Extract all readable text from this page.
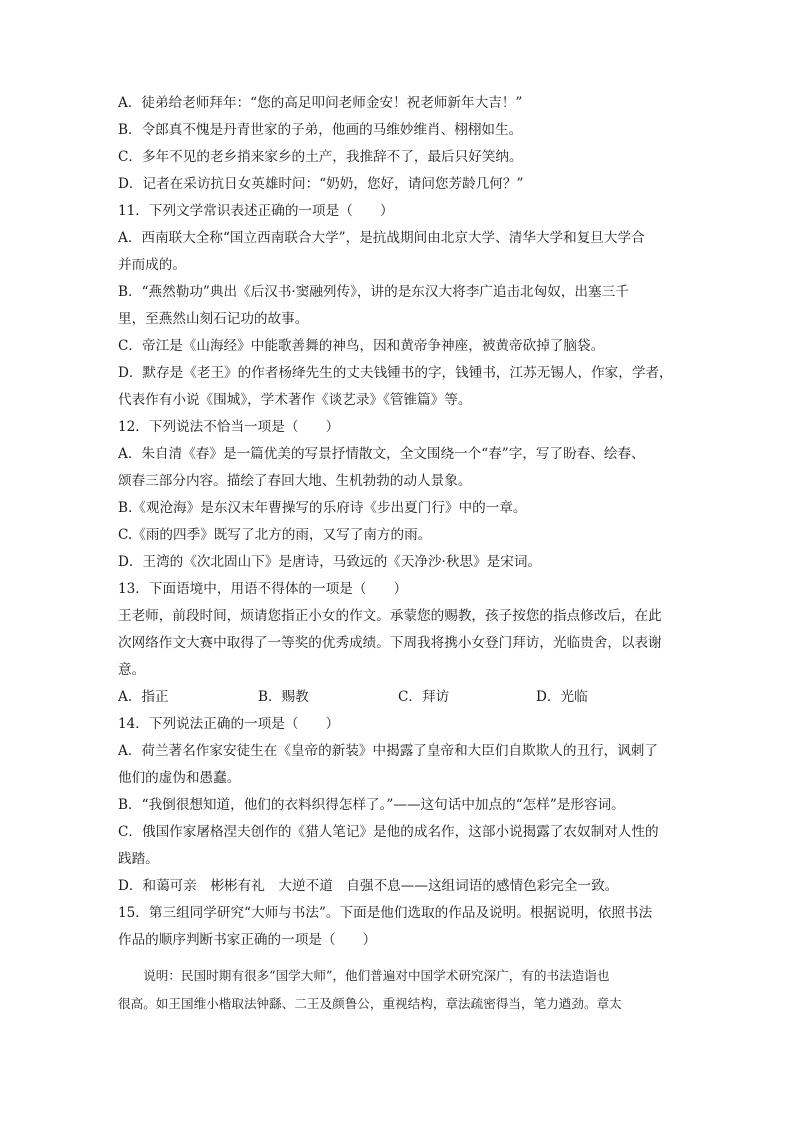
A．徒弟给老师拜年：“您的高足叩问老师金安！祝老师新年大吉！”
B．令郎真不愧是丹青世家的子弟，他画的马维妙维肖、栩栩如生。
C．多年不见的老乡捎来家乡的土产，我推辞不了，最后只好笑纳。
D．记者在采访抗日女英雄时问：“奶奶，您好，请问您芳龄几何？”
11．下列文学常识表述正确的一项是（　　）
A．西南联大全称“国立西南联合大学”，是抗战期间由北京大学、清华大学和复旦大学合
并而成的。
B．“燕然勒功”典出《后汉书·窦融列传》，讲的是东汉大将李广追击北匈奴，出塞三千
里，至燕然山刻石记功的故事。
C．帝江是《山海经》中能歌善舞的神鸟，因和黄帝争神座，被黄帝砍掉了脑袋。
D．默存是《老王》的作者杨绛先生的丈夫钱锺书的字，钱锺书，江苏无锡人，作家，学者，
代表作有小说《围城》，学术著作《谈艺录》《管锥篇》等。
12．下列说法不恰当一项是（　　）
A．朱自清《春》是一篇优美的写景抒情散文，全文围绕一个“春”字，写了盼春、绘春、
颂春三部分内容。描绘了春回大地、生机勃勃的动人景象。
B.《观沧海》是东汉末年曹操写的乐府诗《步出夏门行》中的一章。
C.《雨的四季》既写了北方的雨，又写了南方的雨。
D．王湾的《次北固山下》是唐诗，马致远的《天净沙·秋思》是宋词。
13．下面语境中，用语不得体的一项是（　　）
王老师，前段时间，烦请您指正小女的作文。承蒙您的赐教，孩子按您的指点修改后，在此
次网络作文大赛中取得了一等奖的优秀成绩。下周我将携小女登门拜访，光临贵舍，以表谢
意。
A．指正	B．赐教	C．拜访	D．光临
14．下列说法正确的一项是（　　）
A．荷兰著名作家安徒生在《皇帝的新装》中揭露了皇帝和大臣们自欺欺人的丑行，讽刺了
他们的虚伪和愚蠢。
B．“我倒很想知道，他们的衣料织得怎样了。”——这句话中加点的“怎样”是形容词。
C．俄国作家屠格涅夫创作的《猎人笔记》是他的成名作，这部小说揭露了农奴制对人性的
践踏。
D．和蔼可亲　彬彬有礼　大逆不道　自强不息——这组词语的感情色彩完全一致。
15．第三组同学研究“大师与书法”。下面是他们选取的作品及说明。根据说明，依照书法
作品的顺序判断书家正确的一项是（　　）
　　说明：民国时期有很多“国学大师”，他们普遍对中国学术研究深广，有的书法造诣也
很高。如王国维小楷取法钟繇、二王及颜鲁公，重视结构，章法疏密得当，笔力遒劲。章太
